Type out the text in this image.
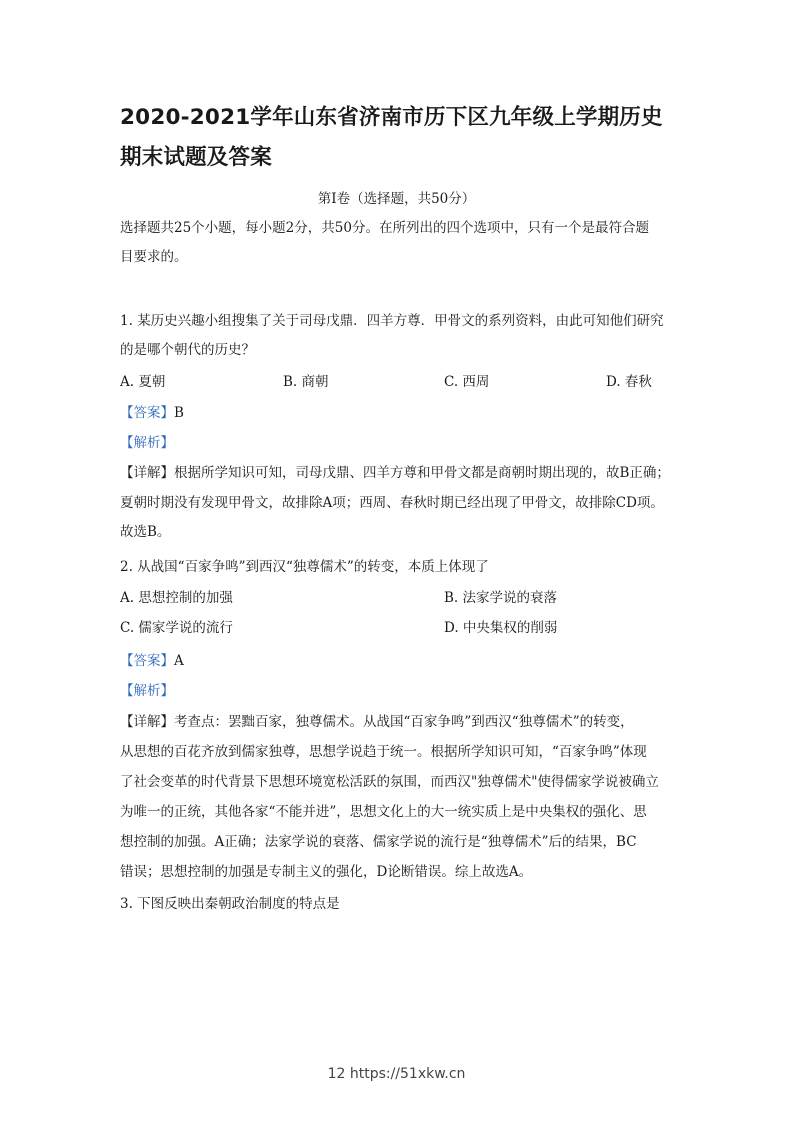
2020-2021学年山东省济南市历下区九年级上学期历史期末试题及答案
第Ⅰ卷（选择题，共50分）
选择题共25个小题，每小题2分，共50分。在所列出的四个选项中，只有一个是最符合题
目要求的。
1. 某历史兴趣小组搜集了关于司母戊鼎．四羊方尊．甲骨文的系列资料，由此可知他们研究
的是哪个朝代的历史？
A. 夏朝	B. 商朝	C. 西周	D. 春秋
【答案】B
【解析】
【详解】根据所学知识可知，司母戊鼎、四羊方尊和甲骨文都是商朝时期出现的，故B正确；
夏朝时期没有发现甲骨文，故排除A项；西周、春秋时期已经出现了甲骨文，故排除CD项。
故选B。
2. 从战国“百家争鸣”到西汉“独尊儒术”的转变，本质上体现了
A. 思想控制的加强	B. 法家学说的衰落
C. 儒家学说的流行	D. 中央集权的削弱
【答案】A
【解析】
【详解】考查点：罢黜百家，独尊儒术。从战国“百家争鸣”到西汉“独尊儒术”的转变，
从思想的百花齐放到儒家独尊，思想学说趋于统一。根据所学知识可知，“百家争鸣”体现
了社会变革的时代背景下思想环境宽松活跃的氛围，而西汉"独尊儒术"使得儒家学说被确立
为唯一的正统，其他各家“不能并进”，思想文化上的大一统实质上是中央集权的强化、思
想控制的加强。A正确；法家学说的衰落、儒家学说的流行是“独尊儒术”后的结果，BC
错误；思想控制的加强是专制主义的强化，D论断错误。综上故选A。
3. 下图反映出秦朝政治制度的特点是
12 https://51xkw.cn
